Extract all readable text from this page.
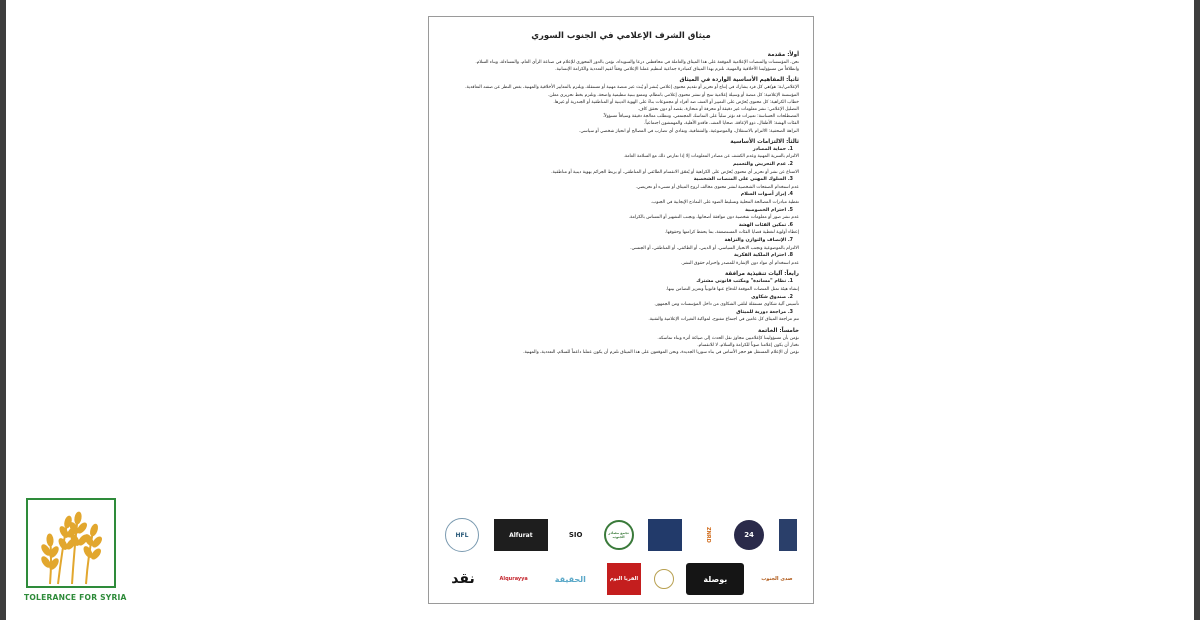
ميثاق الشرف الإعلامي في الجنوب السوري
أولاً: مقدمة
نحن، المؤسسات والمنصات الإعلامية الموقعة على هذا الميثاق والعاملة في محافظتي درعا والسويداء، نؤمن بالدور المحوري للإعلام في صناعة الرأي العام، والمساءلة، وبناء السلام.
وانطلاقاً من مسؤوليتنا الأخلاقية والمهنية، نلتزم بهذا الميثاق كمبادرة جماعية لتنظيم عملنا الإعلامي وفقاً لقيم التعددية والكرامة الإنسانية.
ثانياً: المفاهيم الأساسية الواردة في الميثاق
الإعلامي/ـة: هو/هي كل فرد يشارك في إنتاج أو تحرير أو تقديم محتوى إعلامي يُنشر أو يُبث عبر منصة مهنية أو مستقلة، ويلتزم بالمعايير الأخلاقية والمهنية، بغض النظر عن صفته التعاقدية.
المؤسسة الإعلامية: كل منصة أو وسيلة إعلامية تنتج أو تنشر محتوى إعلامي بانتظام، وتتمتع ببنية تنظيمية واضحة، وتلتزم بخط تحريري معلن.
خطاب الكراهية: كل محتوى يُحرّض على التمييز أو العنف ضد أفراد أو مجموعات بناءً على الهوية الدينية أو المناطقية أو الجندرية أو غيرها.
التضليل الإعلامي: نشر معلومات غير دقيقة أو محرفة أو متحازة، بقصد أو دون تحقق كاف.
المصطلحات الحساسة: تعبيرات قد تؤثر سلباً على التماسك المجتمعي، وتتطلب معالجة دقيقة وسياقاً مسؤولاً.
الفئات الهشة: الأطفال، ذوو الإعاقة، ضحايا العنف، فاقدو الأهلية، والمهمشون اجتماعياً.
النزاهة الصحفية: الالتزام بالاستقلال، والموضوعية، والشفافية، وتفادي أي تضارب في المصالح أو انحياز شخصي أو سياسي.
ثالثاً: الالتزامات الأساسية
1. حماية المصادر
الالتزام بالسرية المهنية وعدم الكشف عن مصادر المعلومات إلا إذا تعارض ذلك مع السلامة العامة.
2. عدم التحريض والتعميم
الامتناع عن نشر أو تحرير أي محتوى يُحرّض على الكراهية أو يُعمّق الانقسام الطائفي أو المناطقي، أو يربط الجرائم بهوية دينية أو مناطقية.
3. السلوك المهني على المنصات الشخصية
عدم استخدام الصفحات الشخصية لنشر محتوى مخالف لروح الميثاق أو مسيء أو تحريضي.
4. إبراز أصوات السلام
تغطية مبادرات المصالحة المحلية وتسليط الضوء على النماذج الإيجابية في الجنوب.
5. احترام الخصوصية
عدم نشر صور أو معلومات شخصية دون موافقة أصحابها، وتجنب التشهير أو المساس بالكرامة.
6. تمكين الفئات الهشة
إعطاء أولوية لتغطية قضايا الفئات المستضعفة، بما يحفظ كرامتها وحقوقها.
7. الإنصاف والتوازن والنزاهة
الالتزام بالموضوعية وتجنب الانحياز السياسي، أو الديني، أو الطائفي، أو المناطقي، أو الجنسي.
8. احترام الملكية الفكرية
عدم استخدام أي مواد دون الإشارة للمصدر واحترام حقوق النشر.
رابعاً: آليات تنفيذية مرافقة
1. نظام "مساندة" ومكتب قانوني مشترك
إنشاء هيئة تمثل المنصات الموقعة للدفاع عنها قانونياً وتعزيز التضامن بينها.
2. صندوق شكاوى
تأسيس آلية شكاوى مستقلة لتلقي الشكاوى من داخل المؤسسات ومن الجمهور.
3. مراجعة دورية للميثاق
تتم مراجعة الميثاق كل عامين في اجتماع مفتوح، لمواكبة التغيرات الإعلامية والتقنية.
خامساً: الخاتمة
نؤمن بأن مسؤوليتنا كإعلاميين تتجاوز نقل الحدث إلى صياغة أثره وبناء تماسكه.
نختار أن يكون إعلامنا صوتاً للكرامة والسلام، لا للانقسام.
نؤمن أن الإعلام المستقل هو حجر الأساس في بناء سوريا الجديدة، ونحن الموقعون على هذا الميثاق نلتزم أن يكون عملنا داعماً للسلام، التعددية، والمهنية.
HFL	Alfurat	SIO	تجمع مصادر الجنوب	ZNRD	24
نقد	Alqurayya	الحقيقة	القريا اليوم	بوصلة	صدى الجنوب
TOLERANCE FOR SYRIA
